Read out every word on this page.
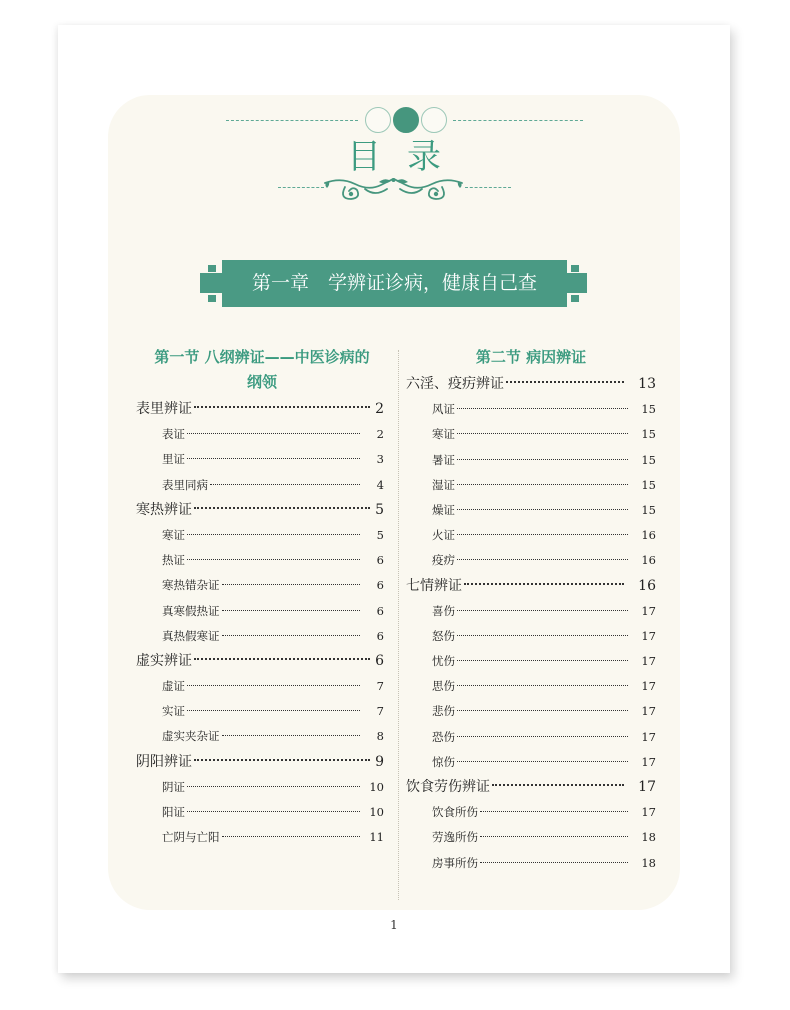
目录
第一章　学辨证诊病，健康自己查
第一节 八纲辨证——中医诊病的
纲领
表里辨证	2
表证	2
里证	3
表里同病	4
寒热辨证	5
寒证	5
热证	6
寒热错杂证	6
真寒假热证	6
真热假寒证	6
虚实辨证	6
虚证	7
实证	7
虚实夹杂证	8
阴阳辨证	9
阴证	10
阳证	10
亡阴与亡阳	11
第二节 病因辨证
六淫、疫疠辨证	13
风证	15
寒证	15
暑证	15
湿证	15
燥证	15
火证	16
疫疠	16
七情辨证	16
喜伤	17
怒伤	17
忧伤	17
思伤	17
悲伤	17
恐伤	17
惊伤	17
饮食劳伤辨证	17
饮食所伤	17
劳逸所伤	18
房事所伤	18
1
